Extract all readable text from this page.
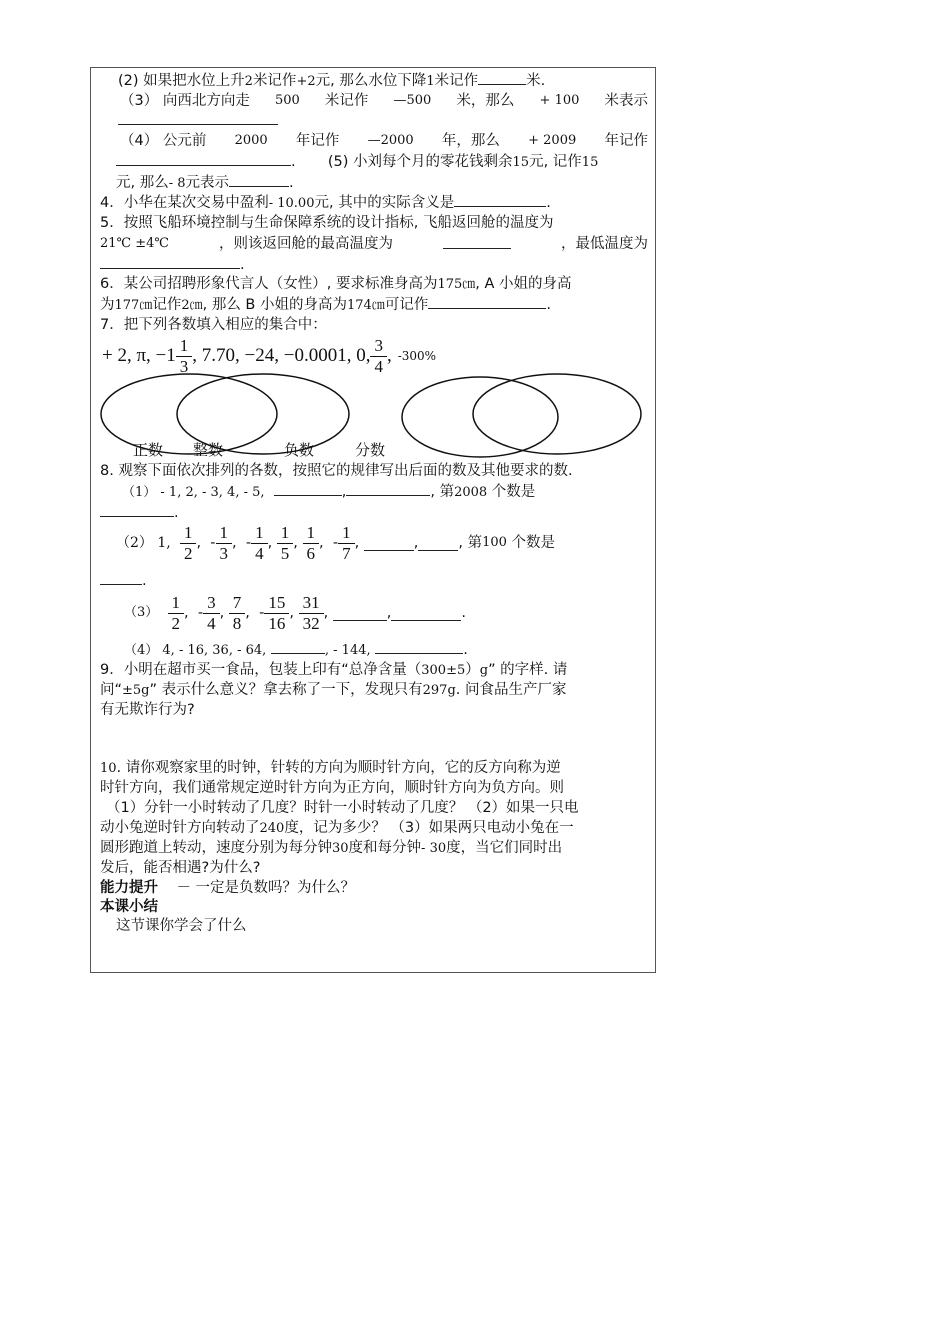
(2) 如果把水位上升2米记作+2元, 那么水位下降1米记作	米.
（3） 向西北方向走 500 米记作 —500 米，那么 + 100 米表示
（4） 公元前 2000 年记作 —2000 年，那么 + 2009 年记作
. (5) 小刘每个月的零花钱剩余15元, 记作15
元, 那么- 8元表示	.
4．小华在某次交易中盈利- 10.00元, 其中的实际含义是	.
5．按照飞船环境控制与生命保障系统的设计指标, 飞船返回舱的温度为
21℃ ±4℃	，则该返回舱的最高温度为	，最低温度为
.
6．某公司招聘形象代言人（女性）, 要求标准身高为175㎝, A 小姐的身高
为177㎝记作2㎝, 那么 B 小姐的身高为174㎝可记作	.
7．把下列各数填入相应的集合中：
+ 2, π, $-1 \frac{1}{3}$ , 7.70, −24, −0.0001, 0, $\frac{3}{4}$ , -300%
正数	整数	负数	分数
8. 观察下面依次排列的各数，按照它的规律写出后面的数及其他要求的数.
（1） - 1, 2, - 3, 4, - 5,	,	, 第2008 个数是
.
（2） 1,
$\frac{1}{2}$ ,
- $\frac{1}{3}$ ,
- $\frac{1}{4}$ ,
$\frac{1}{5}$ ,
$\frac{1}{6}$ ,
- $\frac{1}{7}$ ,
	,	, 第 100
个数是
.
（3）
$\frac{1}{2}$ ,
- $\frac{3}{4}$ ,
$\frac{7}{8}$ ,
- $\frac{15}{16}$ ,
$\frac{31}{32}$ ,
	,	.
（4） 4, - 16, 36, - 64,	, - 144,	.
9．小明在超市买一食品，包装上印有“总净含量（300±5）g” 的字样. 请
问“±5g” 表示什么意义？拿去称了一下，发现只有297g. 问食品生产厂家
有无欺诈行为?
10. 请你观察家里的时钟，针转的方向为顺时针方向，它的反方向称为逆
时针方向，我们通常规定逆时针方向为正方向，顺时针方向为负方向。则
（1）分针一小时转动了几度？时针一小时转动了几度？ （2）如果一只电
动小兔逆时针方向转动了240度，记为多少？ （3）如果两只电动小兔在一
圆形跑道上转动，速度分别为每分钟30度和每分钟- 30度，当它们同时出
发后，能否相遇?为什么?
能力提升 － 一定是负数吗？为什么？
本课小结
这节课你学会了什么
